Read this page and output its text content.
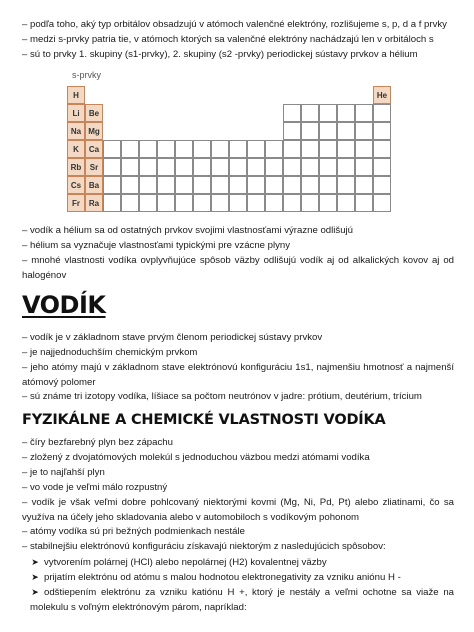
– podľa toho, aký typ orbitálov obsadzujú v atómoch valenčné elektróny, rozlišujeme s, p, d a f prvky
– medzi s-prvky patria tie, v atómoch ktorých sa valenčné elektróny nachádzajú len v orbitáloch s
– sú to prvky 1. skupiny (s1-prvky), 2. skupiny (s2 -prvky) periodickej sústavy prvkov a hélium
s-prvky
H
Li
Na
K
Rb
Cs
Fr
Be
Mg
Ca
Sr
Ba
Ra
He
– vodík a hélium sa od ostatných prvkov svojimi vlastnosťami výrazne odlišujú
– hélium sa vyznačuje vlastnosťami typickými pre vzácne plyny
– mnohé vlastnosti vodíka ovplyvňujúce spôsob väzby odlišujú vodík aj od alkalických kovov aj od halogénov
VODÍK
– vodík je v základnom stave prvým členom periodickej sústavy prvkov
– je najjednoduchším chemickým prvkom
– jeho atómy majú v základnom stave elektrónovú konfiguráciu 1s1, najmenšiu hmotnosť a najmenší atómový polomer
– sú známe tri izotopy vodíka, líšiace sa počtom neutrónov v jadre: prótium, deutérium, trícium
FYZIKÁLNE A CHEMICKÉ VLASTNOSTI VODÍKA
– číry bezfarebný plyn bez zápachu
– zložený z dvojatómových molekúl s jednoduchou väzbou medzi atómami vodíka
– je to najľahší plyn
– vo vode je veľmi málo rozpustný
– vodík je však veľmi dobre pohlcovaný niektorými kovmi (Mg, Ni, Pd, Pt) alebo zliatinami, čo sa využíva na účely jeho skladovania alebo v automobiloch s vodíkovým pohonom
– atómy vodíka sú pri bežných podmienkach nestále
– stabilnejšiu elektrónovú konfiguráciu získavajú niektorým z nasledujúcich spôsobov:
➤ vytvorením polárnej (HCl) alebo nepolárnej (H2) kovalentnej väzby
➤ prijatím elektrónu od atómu s malou hodnotou elektronegativity za vzniku aniónu H -
➤ odštiepením elektrónu za vzniku katiónu H +, ktorý je nestály a veľmi ochotne sa viaže na molekulu s voľným elektrónovým párom, napríklad:
